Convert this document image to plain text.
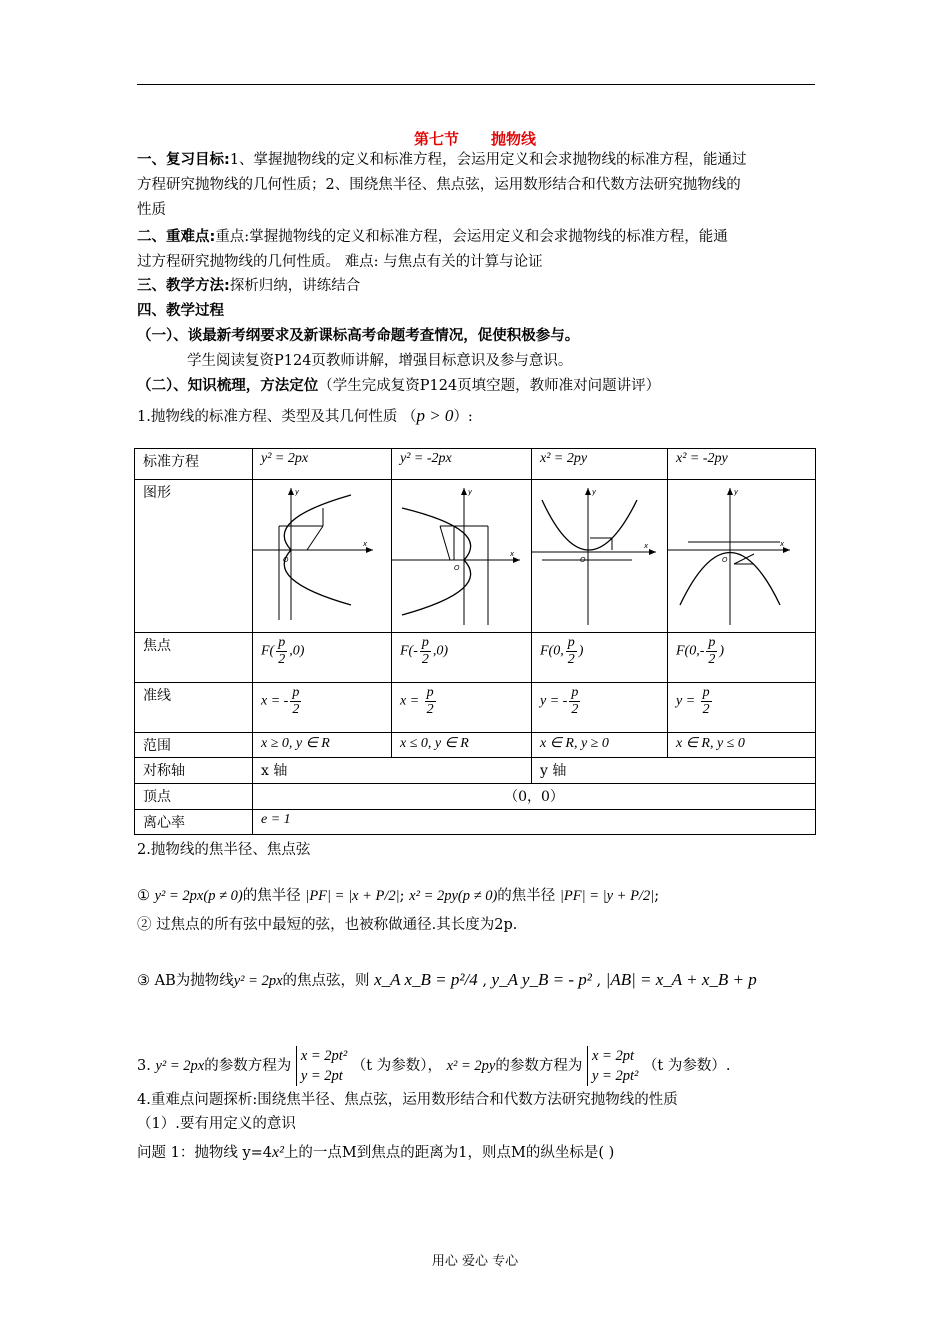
第七节 抛物线
一、复习目标:1、掌握抛物线的定义和标准方程，会运用定义和会求抛物线的标准方程，能通过
方程研究抛物线的几何性质；2、围绕焦半径、焦点弦，运用数形结合和代数方法研究抛物线的
性质
二、重难点:重点:掌握抛物线的定义和标准方程，会运用定义和会求抛物线的标准方程，能通
过方程研究抛物线的几何性质。 难点: 与焦点有关的计算与论证
三、教学方法:探析归纳，讲练结合
四、教学过程
（一）、谈最新考纲要求及新课标高考命题考查情况，促使积极参与。
学生阅读复资P124页教师讲解，增强目标意识及参与意识。
（二）、知识梳理，方法定位（学生完成复资P124页填空题，教师准对问题讲评）
1.抛物线的标准方程、类型及其几何性质 （p > 0）:
标准方程	y² = 2px	y² = -2px	x² = 2py	x² = -2py
图形	x
y
O	x
y
O	x
y
O	x
y
O

焦点	$F( \frac{p}{2} ,0)$	$F(- \frac{p}{2} ,0)$	F(0, $\frac{p}{2}$ )	$F(0,- \frac{p}{2}$ )
准线	x = - $\frac{p}{2}$	$x = \frac{p}{2}$	y = - $\frac{p}{2}$	$y = \frac{p}{2}$

范围	x ≥ 0, y ∈ R	x ≤ 0, y ∈ R	x ∈ R, y ≥ 0	x ∈ R, y ≤ 0
对称轴	x 轴		y 轴	
顶点	（0，0）			
离心率	e = 1			
2.抛物线的焦半径、焦点弦
① y² = 2px(p ≠ 0)的焦半径 |PF| = |x + P/2|; x² = 2py(p ≠ 0)的焦半径 |PF| = |y + P/2|;
② 过焦点的所有弦中最短的弦，也被称做通径.其长度为2p.
③ AB为抛物线y² = 2px的焦点弦，则 x_A x_B = p²/4 , y_A y_B = - p² , |AB| = x_A + x_B + p
3. y² = 2px的参数方程为
x = 2pt²
y = 2pt
（t 为参数）， x² = 2py的参数方程为
x = 2pt
y = 2pt²
（t 为参数）.
4.重难点问题探析:围绕焦半径、焦点弦，运用数形结合和代数方法研究抛物线的性质
（1）.要有用定义的意识
问题 1：抛物线 y=4x²上的一点M到焦点的距离为1，则点M的纵坐标是( )
用心 爱心 专心
